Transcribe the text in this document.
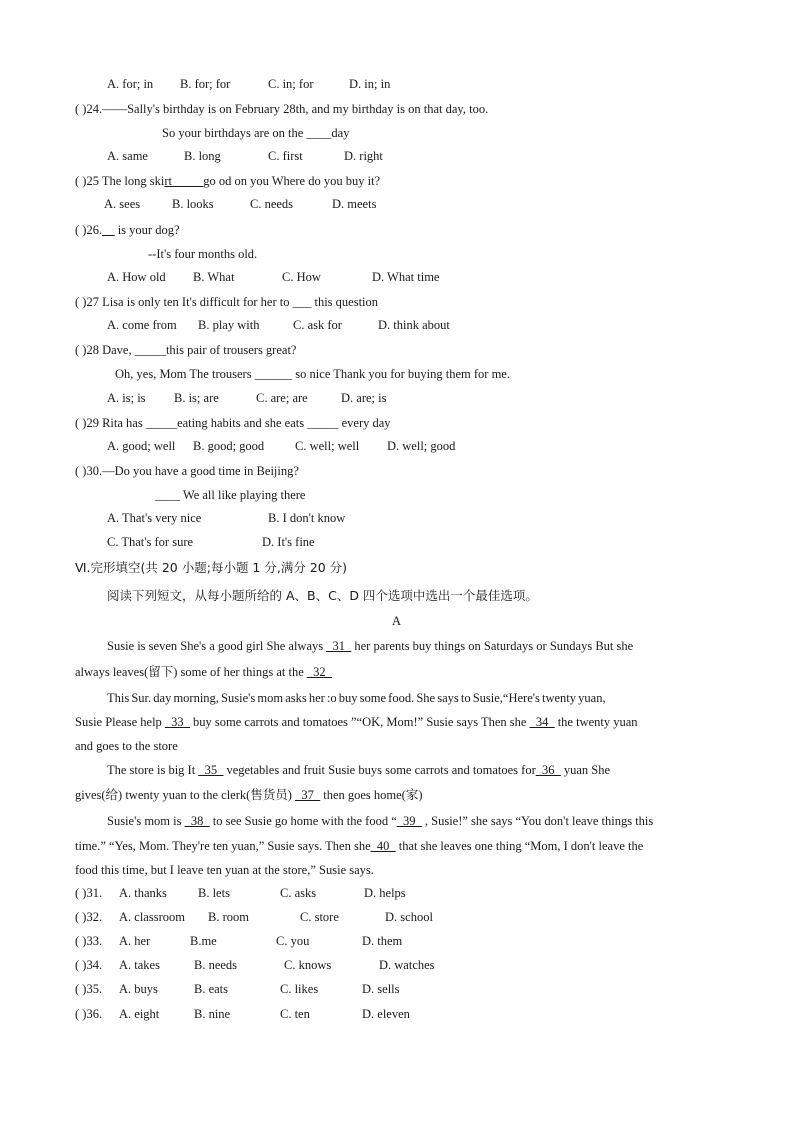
A. for; in B. for; for	C. in; for	D. in; in
( )24.——Sally's birthday is on February 28th, and my birthday is on that day, too.
So your birthdays are on the ____day
A. same	B. long	C. first	D. right
( )25 The long skirt_____go od on you Where do you buy it?
A. sees	B. looks	C. needs	D. meets
( )26.__ is your dog?
--It's four months old.
A. How old B. What	C. How	D. What time
( )27 Lisa is only ten It's difficult for her to ___ this question
A. come from B. play with	C. ask for	D. think about
( )28 Dave, _____this pair of trousers great?
Oh, yes, Mom The trousers ______ so nice Thank you for buying them for me.
A. is; is B. is; are	C. are; are	D. are; is
( )29 Rita has _____eating habits and she eats _____ every day
A. good; well B. good; good C. well; well D. well; good
( )30.—Do you have a good time in Beijing?
____ We all like playing there
A. That's very nice	B. I don't know
C. That's for sure	D. It's fine
Ⅵ.完形填空(共 20 小题;每小题 1 分,满分 20 分)
阅读下列短文，从每小题所给的 A、B、C、D 四个选项中选出一个最佳选项。
A
Susie is seven She's a good girl She always _31_ her parents buy things on Saturdays or Sundays But she
always leaves(留下) some of her things at the _32_
This Sur. day morning, Susie's mom asks her :o buy some food. She says to Susie,“Here's twenty yuan,
Susie Please help _33_ buy some carrots and tomatoes ”“OK, Mom!” Susie says Then she _34_ the twenty yuan
and goes to the store
The store is big It _35_ vegetables and fruit Susie buys some carrots and tomatoes for_36_ yuan She
gives(给) twenty yuan to the clerk(售货员) _37_ then goes home(家)
Susie's mom is _38_ to see Susie go home with the food “_39_ , Susie!” she says “You don't leave things this
time.” “Yes, Mom. They're ten yuan,” Susie says. Then she_40_ that she leaves one thing “Mom, I don't leave the
food this time, but I leave ten yuan at the store,” Susie says.
( )31. A. thanks B. lets	C. asks	D. helps
( )32. A. classroom B. room	C. store	D. school
( )33. A. her	B.me	C. you	D. them
( )34. A. takes	B. needs	C. knows	D. watches
( )35. A. buys	B. eats	C. likes	D. sells
( )36. A. eight	B. nine	C. ten	D. eleven
